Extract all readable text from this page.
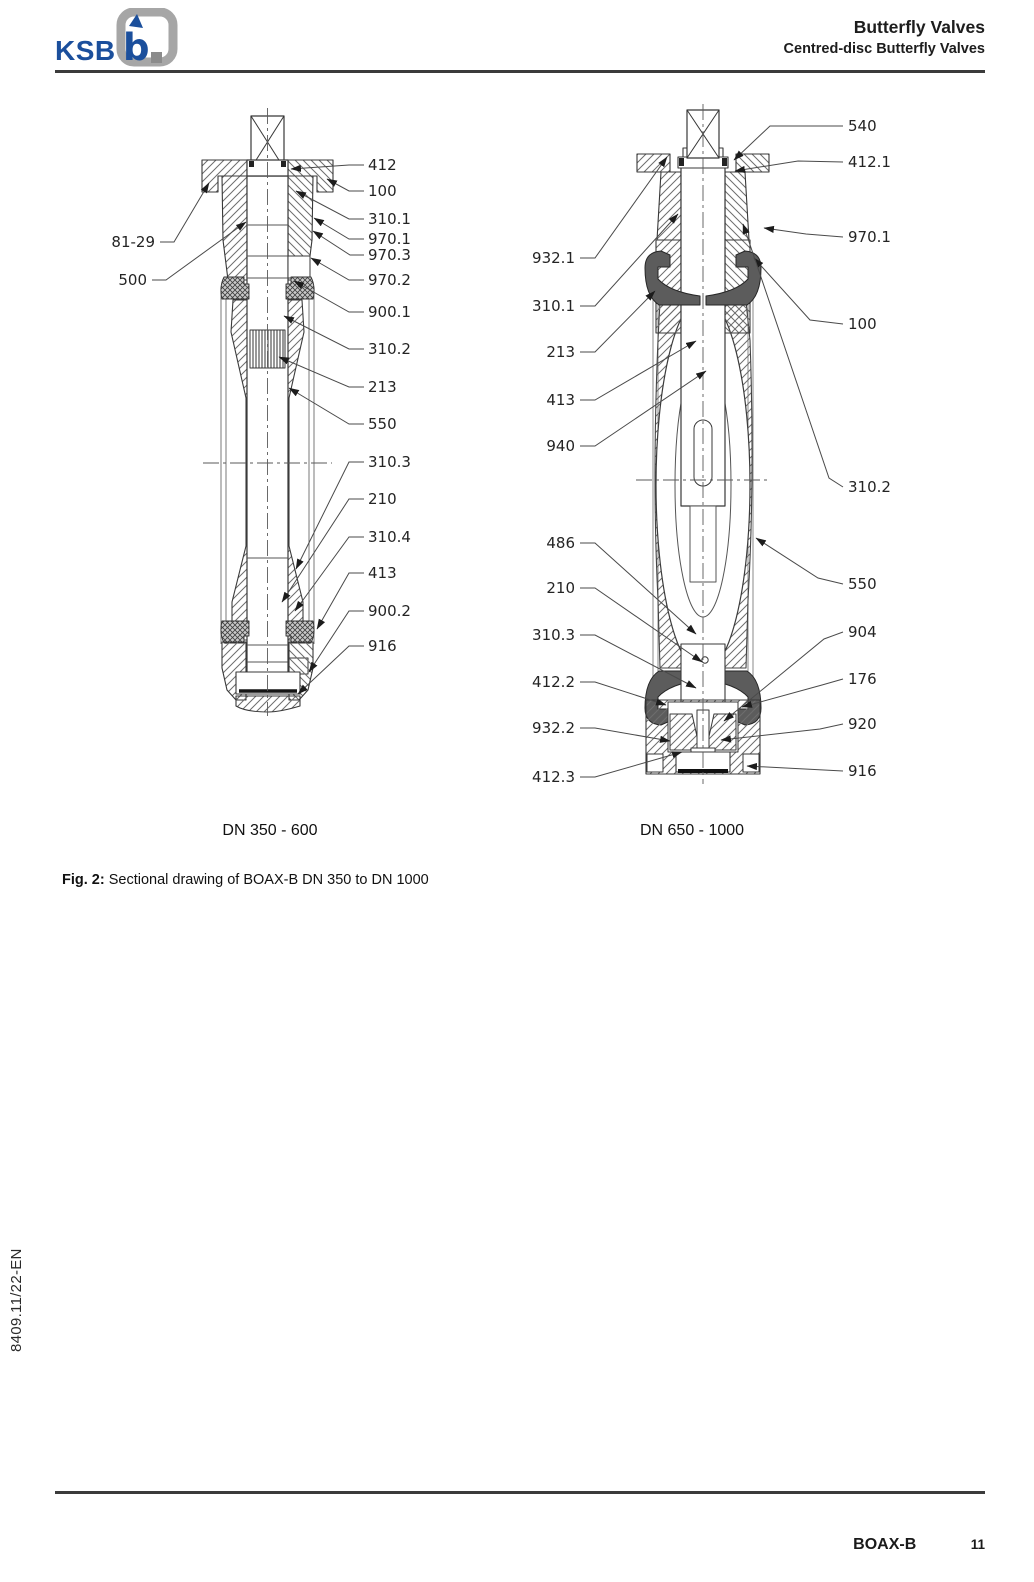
412
100
310.1
970.1
970.3
970.2
900.1
310.2
213
550
310.3
210
310.4
413
900.2
916
81-29
500
540
412.1
970.1
100
310.2
550
904
176
920
916
932.1
310.1
213
413
940
486
210
310.3
412.2
932.2
412.3
b
KSB
Butterfly Valves
Centred-disc Butterfly Valves
DN 350 - 600	DN 650 - 1000
Fig. 2: Sectional drawing of BOAX-B DN 350 to DN 1000
8409.11/22-EN
BOAX-B	11
